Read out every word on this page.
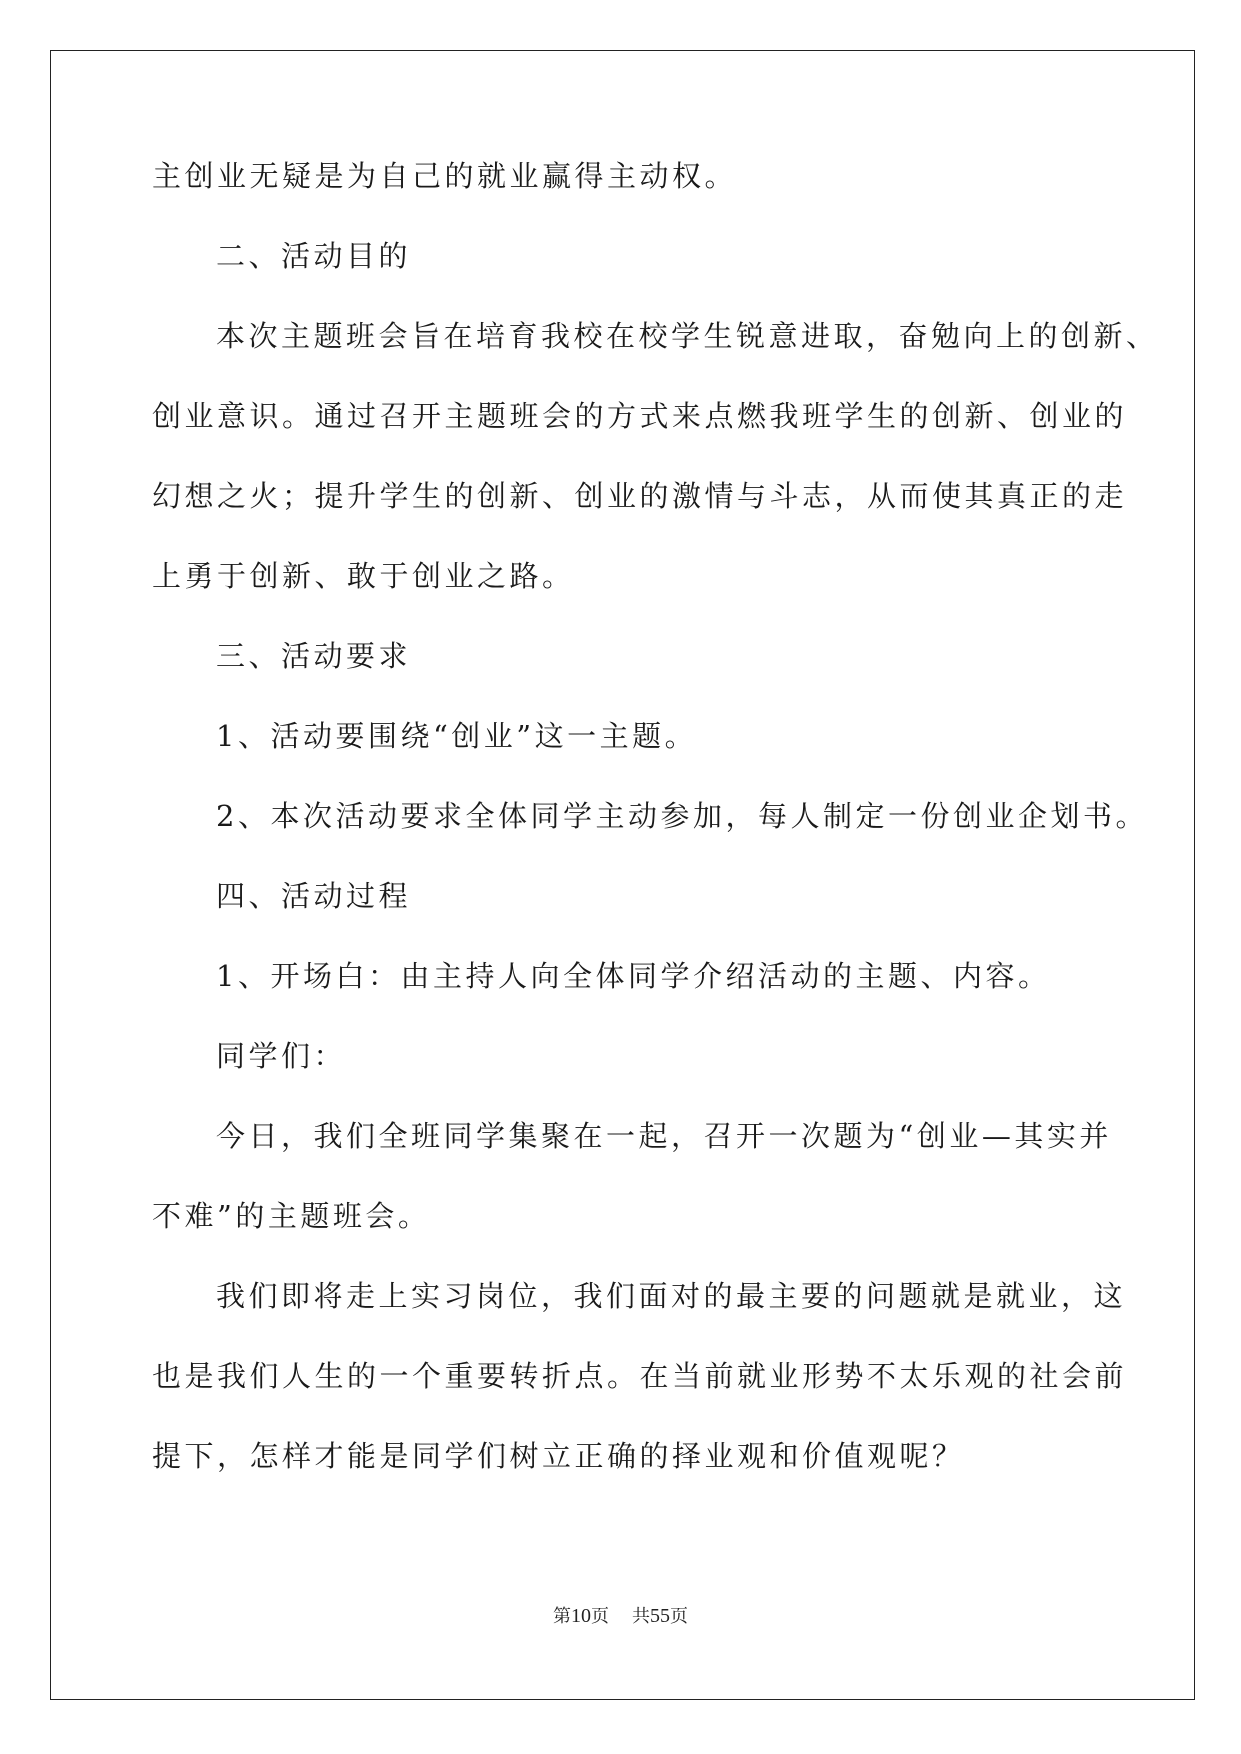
主创业无疑是为自己的就业赢得主动权。
二、活动目的
本次主题班会旨在培育我校在校学生锐意进取，奋勉向上的创新、
创业意识。通过召开主题班会的方式来点燃我班学生的创新、创业的
幻想之火；提升学生的创新、创业的激情与斗志，从而使其真正的走
上勇于创新、敢于创业之路。
三、活动要求
1、活动要围绕“创业”这一主题。
2、本次活动要求全体同学主动参加，每人制定一份创业企划书。
四、活动过程
1、开场白：由主持人向全体同学介绍活动的主题、内容。
同学们：
今日，我们全班同学集聚在一起，召开一次题为“创业—其实并
不难”的主题班会。
我们即将走上实习岗位，我们面对的最主要的问题就是就业，这
也是我们人生的一个重要转折点。在当前就业形势不太乐观的社会前
提下，怎样才能是同学们树立正确的择业观和价值观呢？
第10页 共55页
